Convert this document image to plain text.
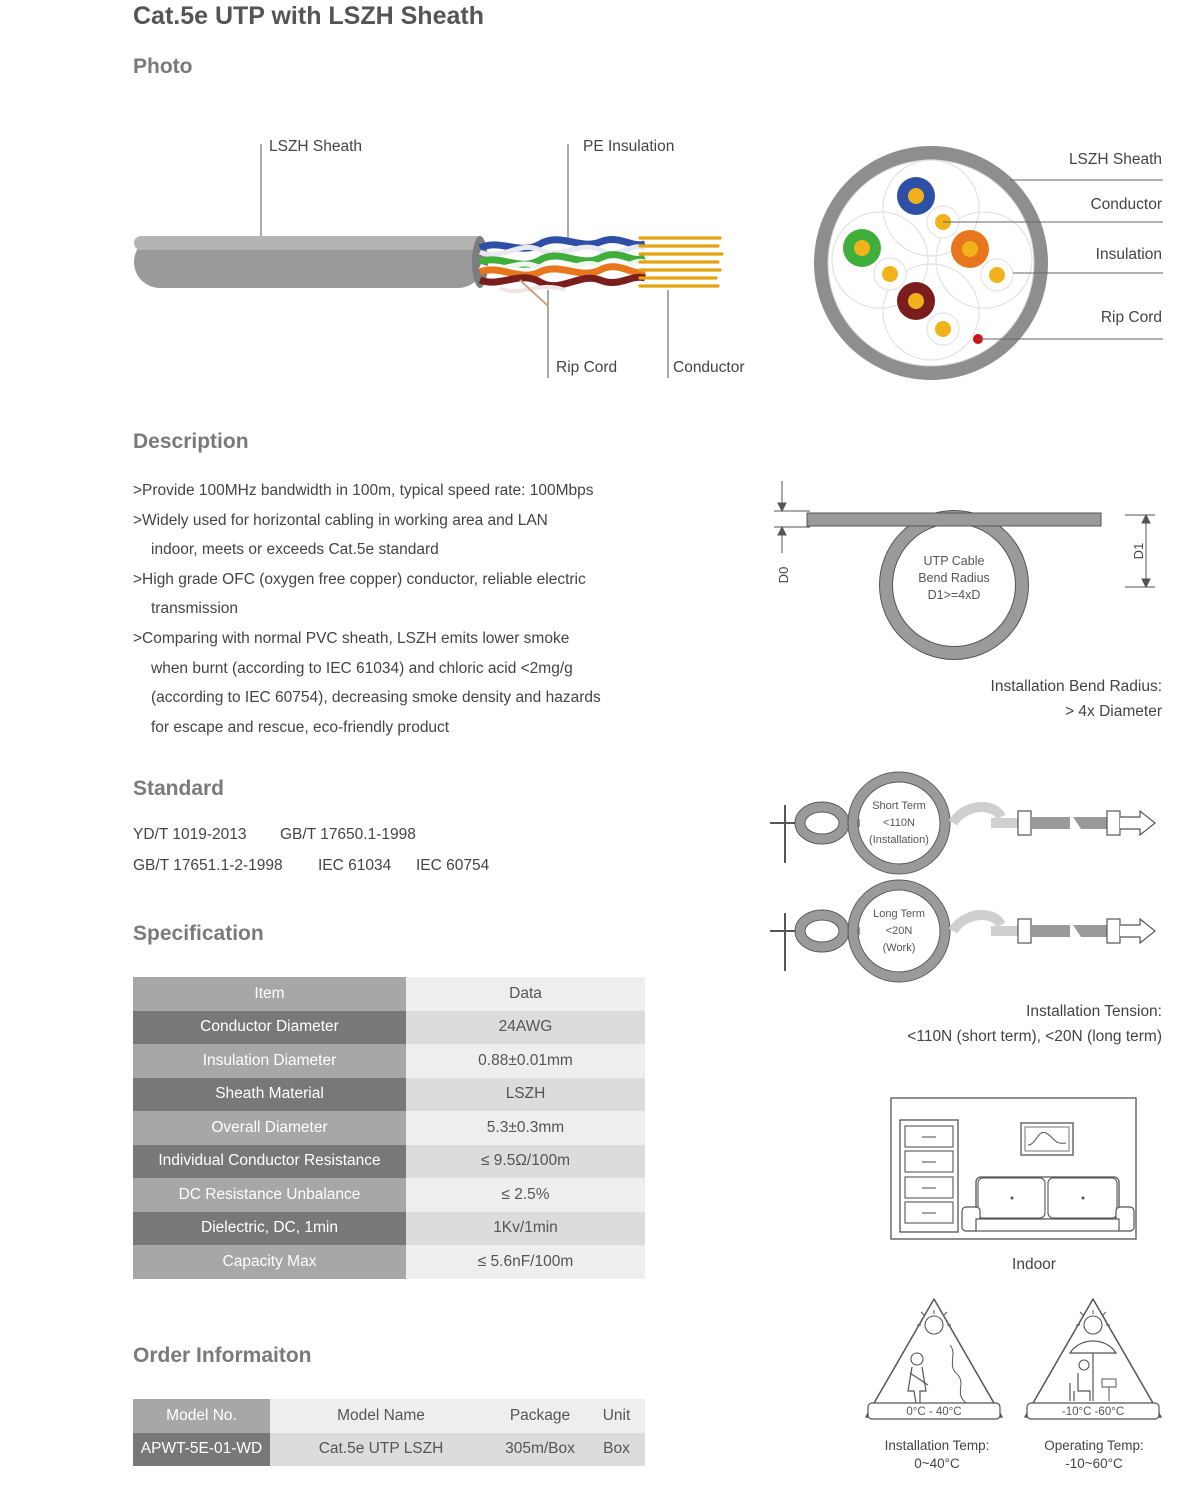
Cat.5e UTP with LSZH Sheath
Photo
Description
Standard
Specification
Order Informaiton
LSZH Sheath	PE Insulation
Rip Cord	Conductor
LSZH Sheath
Conductor
Insulation
Rip Cord

>Provide 100MHz bandwidth in 100m, typical speed rate: 100Mbps

>Widely used for horizontal cabling in working area and LAN

indoor, meets or exceeds Cat.5e standard

>High grade OFC (oxygen free copper) conductor, reliable electric

transmission

>Comparing with normal PVC sheath, LSZH emits lower smoke

when burnt (according to IEC 61034) and chloric acid <2mg/g

(according to IEC 60754), decreasing smoke density and hazards

for escape and rescue, eco-friendly product

YD/T 1019-2013 GB/T 17650.1-1998
GB/T 17651.1-2-1998 IEC 61034 IEC 60754
Item	Data
Conductor Diameter	24AWG
Insulation Diameter	0.88±0.01mm
Sheath Material	LSZH
Overall Diameter	5.3±0.3mm
Individual Conductor Resistance	≤ 9.5Ω/100m
DC Resistance Unbalance	≤ 2.5%
Dielectric, DC, 1min	1Kv/1min
Capacity Max	≤ 5.6nF/100m
Model No.	Model Name	Package	Unit
APWT-5E-01-WD	Cat.5e UTP LSZH	305m/Box	Box
D0
D1
UTP Cable
Bend Radius
D1>=4xD
Installation Bend Radius:
> 4x Diameter
Short Term
<110N
(Installation)
Long Term
<20N
(Work)
Installation Tension:
<110N (short term), <20N (long term)
Indoor
0°C - 40°C	-10°C -60°C
Installation Temp:
0~40°C
Operating Temp:
-10~60°C
